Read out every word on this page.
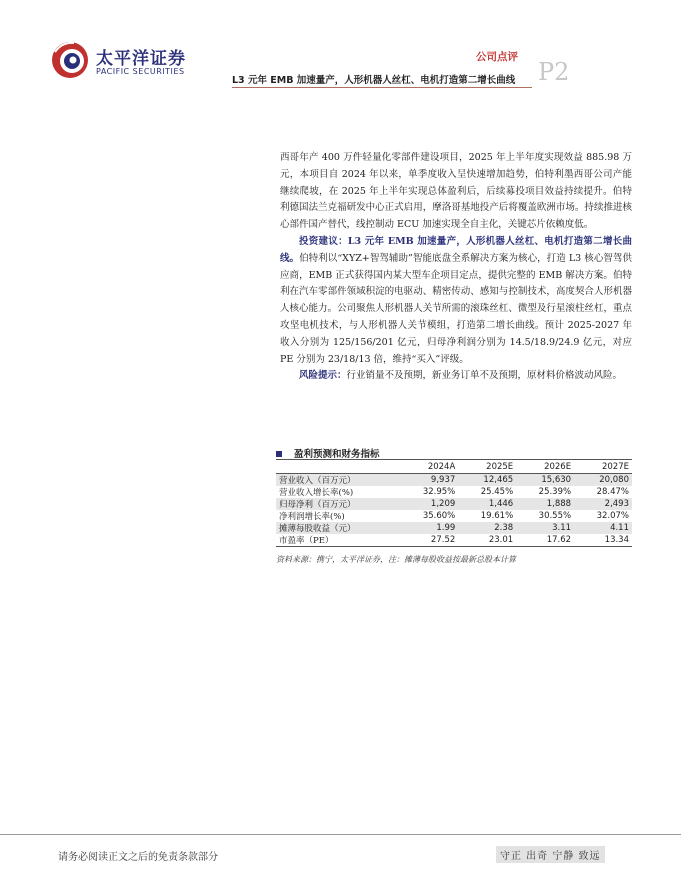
太平洋证券
PACIFIC SECURITIES
公司点评
P2
L3 元年 EMB 加速量产，人形机器人丝杠、电机打造第二增长曲线

西哥年产 400 万件轻量化零部件建设项目，2025 年上半年度实现效益 885.98 万元，本项目自 2024 年以来，单季度收入呈快速增加趋势，伯特利墨西哥公司产能继续爬坡，在 2025 年上半年实现总体盈利后，后续募投项目效益持续提升。伯特利德国法兰克福研发中心正式启用，摩洛哥基地投产后将覆盖欧洲市场。持续推进核心部件国产替代，线控制动 ECU 加速实现全自主化，关键芯片依赖度低。

投资建议：L3 元年 EMB 加速量产，人形机器人丝杠、电机打造第二增长曲线。伯特利以“XYZ+智驾辅助”智能底盘全系解决方案为核心，打造 L3 核心智驾供应商，EMB 正式获得国内某大型车企项目定点，提供完整的 EMB 解决方案。伯特利在汽车零部件领域积淀的电驱动、精密传动、感知与控制技术，高度契合人形机器人核心能力。公司聚焦人形机器人关节所需的滚珠丝杠、微型及行星滚柱丝杠，重点攻坚电机技术，与人形机器人关节模组，打造第二增长曲线。预计 2025-2027 年收入分别为 125/156/201 亿元，归母净利润分别为 14.5/18.9/24.9 亿元，对应 PE 分别为 23/18/13 倍，维持“买入”评级。

风险提示：行业销量不及预期，新业务订单不及预期，原材料价格波动风险。

盈利预测和财务指标
	2024A	2025E	2026E	2027E
营业收入（百万元）	9,937	12,465	15,630	20,080
营业收入增长率(%)	32.95%	25.45%	25.39%	28.47%
归母净利（百万元）	1,209	1,446	1,888	2,493
净利润增长率(%)	35.60%	19.61%	30.55%	32.07%
摊薄每股收益（元）	1.99	2.38	3.11	4.11
市盈率（PE）	27.52	23.01	17.62	13.34
资料来源：携宁，太平洋证券，注：摊薄每股收益按最新总股本计算
请务必阅读正文之后的免责条款部分	守正 出奇 宁静 致远
